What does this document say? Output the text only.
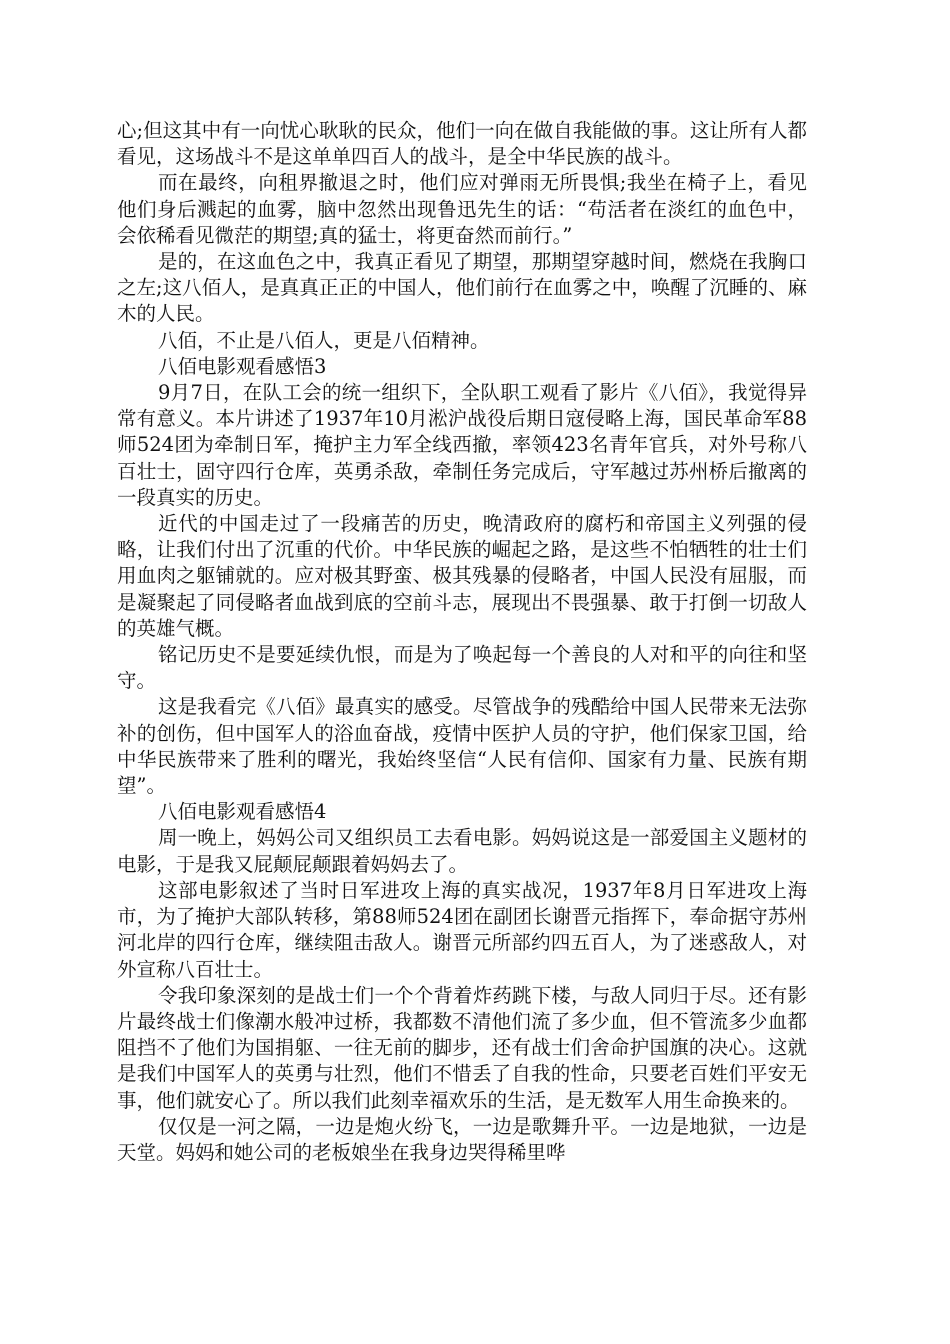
心;但这其中有一向忧心耿耿的民众，他们一向在做自我能做的事。这让所有人都看见，这场战斗不是这单单四百人的战斗，是全中华民族的战斗。

而在最终，向租界撤退之时，他们应对弹雨无所畏惧;我坐在椅子上，看见他们身后溅起的血雾，脑中忽然出现鲁迅先生的话：“苟活者在淡红的血色中，会依稀看见微茫的期望;真的猛士，将更奋然而前行。”

是的，在这血色之中，我真正看见了期望，那期望穿越时间，燃烧在我胸口之左;这八佰人，是真真正正的中国人，他们前行在血雾之中，唤醒了沉睡的、麻木的人民。

八佰，不止是八佰人，更是八佰精神。

八佰电影观看感悟3

9月7日，在队工会的统一组织下，全队职工观看了影片《八佰》，我觉得异常有意义。本片讲述了1937年10月淞沪战役后期日寇侵略上海，国民革命军88师524团为牵制日军，掩护主力军全线西撤，率领423名青年官兵，对外号称八百壮士，固守四行仓库，英勇杀敌，牵制任务完成后，守军越过苏州桥后撤离的一段真实的历史。

近代的中国走过了一段痛苦的历史，晚清政府的腐朽和帝国主义列强的侵略，让我们付出了沉重的代价。中华民族的崛起之路，是这些不怕牺牲的壮士们用血肉之躯铺就的。应对极其野蛮、极其残暴的侵略者，中国人民没有屈服，而是凝聚起了同侵略者血战到底的空前斗志，展现出不畏强暴、敢于打倒一切敌人的英雄气概。

铭记历史不是要延续仇恨，而是为了唤起每一个善良的人对和平的向往和坚守。

这是我看完《八佰》最真实的感受。尽管战争的残酷给中国人民带来无法弥补的创伤，但中国军人的浴血奋战，疫情中医护人员的守护，他们保家卫国，给中华民族带来了胜利的曙光，我始终坚信“人民有信仰、国家有力量、民族有期望”。

八佰电影观看感悟4

周一晚上，妈妈公司又组织员工去看电影。妈妈说这是一部爱国主义题材的电影，于是我又屁颠屁颠跟着妈妈去了。

这部电影叙述了当时日军进攻上海的真实战况，1937年8月日军进攻上海市，为了掩护大部队转移，第88师524团在副团长谢晋元指挥下，奉命据守苏州河北岸的四行仓库，继续阻击敌人。谢晋元所部约四五百人，为了迷惑敌人，对外宣称八百壮士。

令我印象深刻的是战士们一个个背着炸药跳下楼，与敌人同归于尽。还有影片最终战士们像潮水般冲过桥，我都数不清他们流了多少血，但不管流多少血都阻挡不了他们为国捐躯、一往无前的脚步，还有战士们舍命护国旗的决心。这就是我们中国军人的英勇与壮烈，他们不惜丢了自我的性命，只要老百姓们平安无事，他们就安心了。所以我们此刻幸福欢乐的生活，是无数军人用生命换来的。

仅仅是一河之隔，一边是炮火纷飞，一边是歌舞升平。一边是地狱，一边是天堂。妈妈和她公司的老板娘坐在我身边哭得稀里哗
